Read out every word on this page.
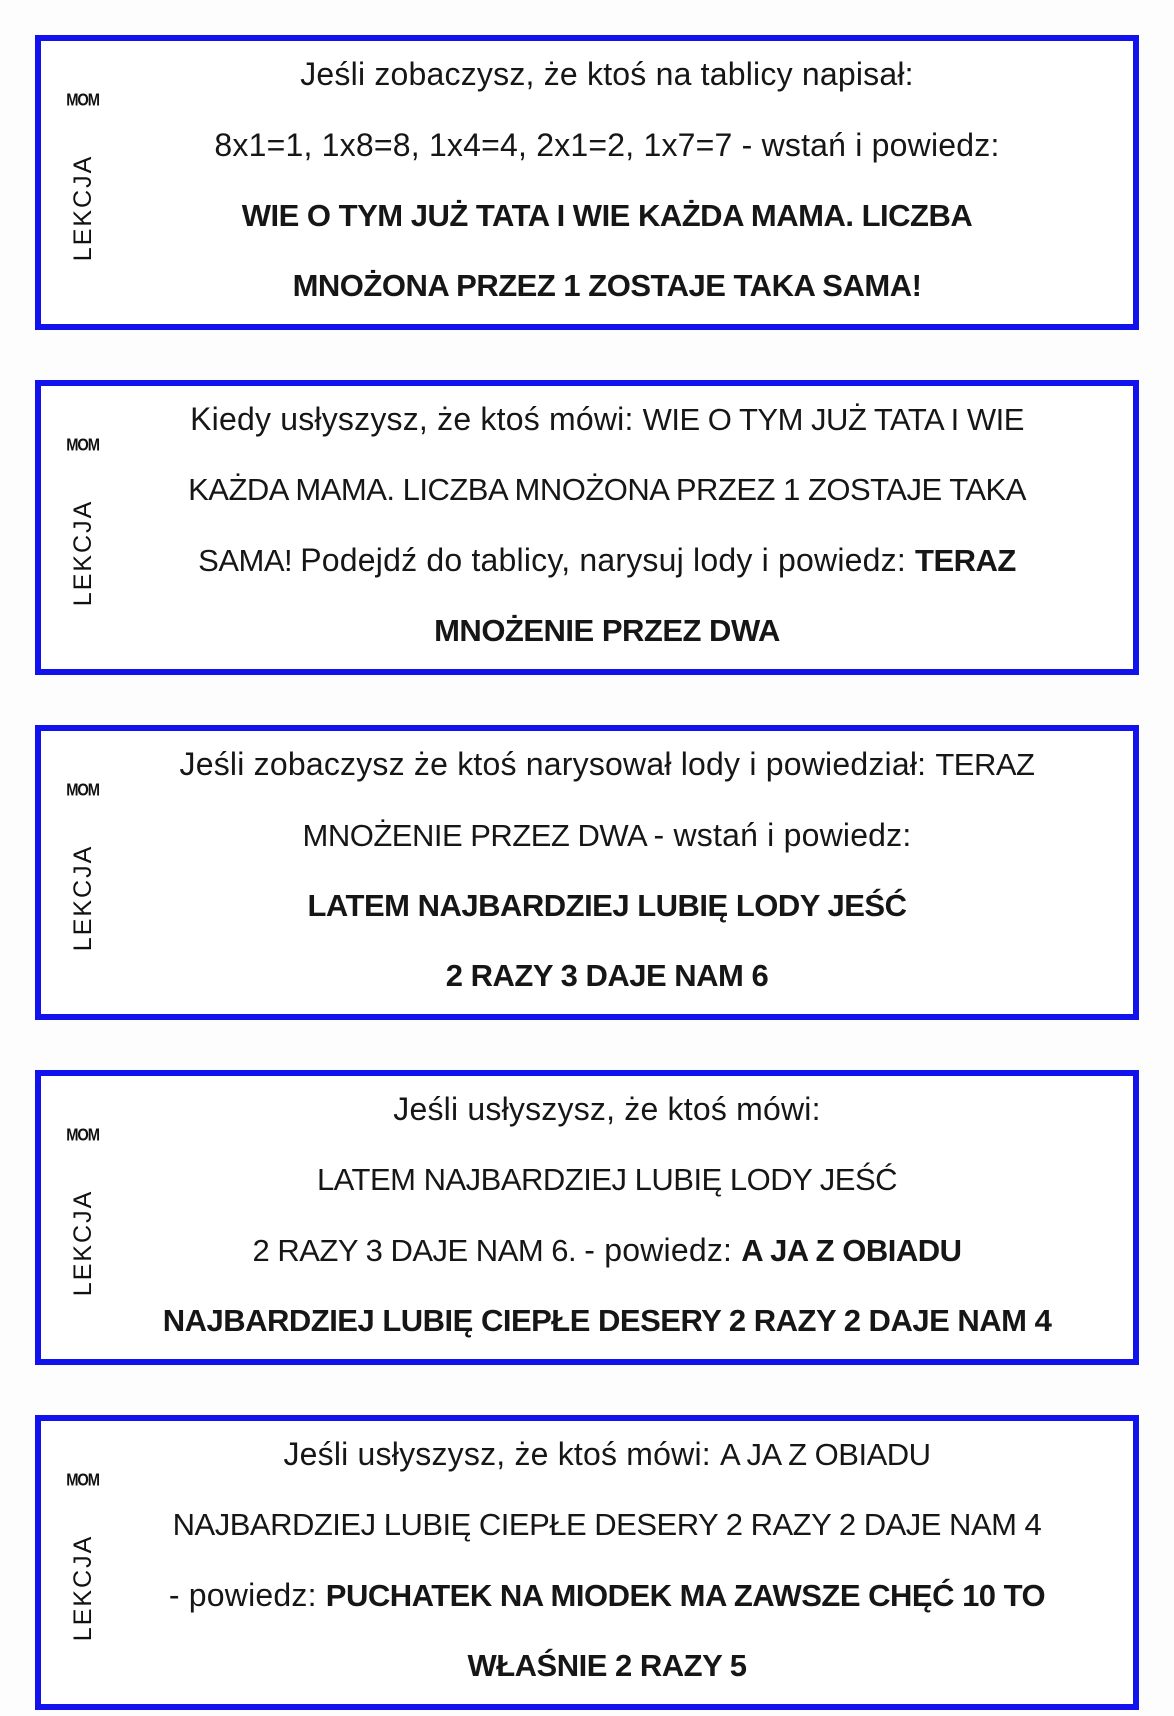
MOM
LEKCJA
Jeśli zobaczysz, że ktoś na tablicy napisał:
8x1=1, 1x8=8, 1x4=4, 2x1=2, 1x7=7 - wstań i powiedz:
WIE O TYM JUŻ TATA I WIE KAŻDA MAMA. LICZBA
MNOŻONA PRZEZ 1 ZOSTAJE TAKA SAMA!
MOM
LEKCJA
Kiedy usłyszysz, że ktoś mówi: WIE O TYM JUŻ TATA I WIE
KAŻDA MAMA. LICZBA MNOŻONA PRZEZ 1 ZOSTAJE TAKA
SAMA! Podejdź do tablicy, narysuj lody i powiedz: TERAZ
MNOŻENIE PRZEZ DWA
MOM
LEKCJA
Jeśli zobaczysz że ktoś narysował lody i powiedział: TERAZ
MNOŻENIE PRZEZ DWA - wstań i powiedz:
LATEM NAJBARDZIEJ LUBIĘ LODY JEŚĆ
2 RAZY 3 DAJE NAM 6
MOM
LEKCJA
Jeśli usłyszysz, że ktoś mówi:
LATEM NAJBARDZIEJ LUBIĘ LODY JEŚĆ
2 RAZY 3 DAJE NAM 6. - powiedz: A JA Z OBIADU
NAJBARDZIEJ LUBIĘ CIEPŁE DESERY 2 RAZY 2 DAJE NAM 4
MOM
LEKCJA
Jeśli usłyszysz, że ktoś mówi: A JA Z OBIADU
NAJBARDZIEJ LUBIĘ CIEPŁE DESERY 2 RAZY 2 DAJE NAM 4
- powiedz: PUCHATEK NA MIODEK MA ZAWSZE CHĘĆ 10 TO
WŁAŚNIE 2 RAZY 5
